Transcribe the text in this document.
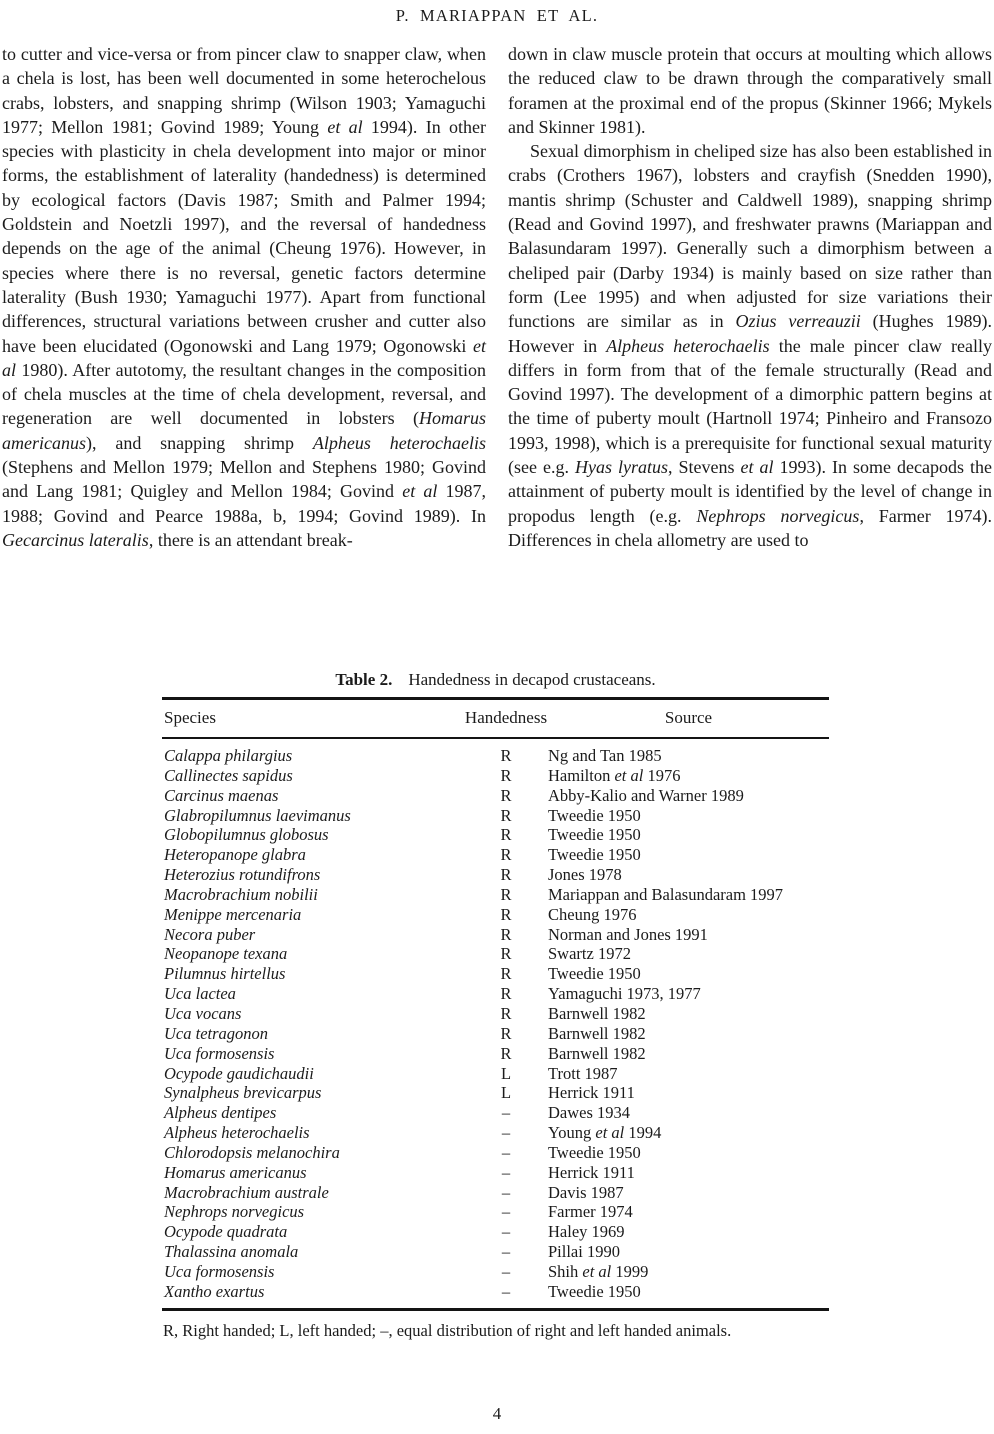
P. MARIAPPAN ET AL.

to cutter and vice-versa or from pincer claw to snapper claw, when a chela is lost, has been well documented in some heterochelous crabs, lobsters, and snapping shrimp (Wilson 1903; Yamaguchi 1977; Mellon 1981; Govind 1989; Young et al 1994). In other species with plasticity in chela development into major or minor forms, the establishment of laterality (handedness) is determined by ecological factors (Davis 1987; Smith and Palmer 1994; Goldstein and Noetzli 1997), and the reversal of handedness depends on the age of the animal (Cheung 1976). However, in species where there is no reversal, genetic factors determine laterality (Bush 1930; Yamaguchi 1977). Apart from functional differences, structural variations between crusher and cutter also have been elucidated (Ogonowski and Lang 1979; Ogonowski et al 1980). After autotomy, the resultant changes in the composition of chela muscles at the time of chela development, reversal, and regeneration are well documented in lobsters (Homarus americanus), and snapping shrimp Alpheus heterochaelis (Stephens and Mellon 1979; Mellon and Stephens 1980; Govind and Lang 1981; Quigley and Mellon 1984; Govind et al 1987, 1988; Govind and Pearce 1988a, b, 1994; Govind 1989). In Gecarcinus lateralis, there is an attendant break-

down in claw muscle protein that occurs at moulting which allows the reduced claw to be drawn through the comparatively small foramen at the proximal end of the propus (Skinner 1966; Mykels and Skinner 1981).

Sexual dimorphism in cheliped size has also been established in crabs (Crothers 1967), lobsters and crayfish (Snedden 1990), mantis shrimp (Schuster and Caldwell 1989), snapping shrimp (Read and Govind 1997), and freshwater prawns (Mariappan and Balasundaram 1997). Generally such a dimorphism between a cheliped pair (Darby 1934) is mainly based on size rather than form (Lee 1995) and when adjusted for size variations their functions are similar as in Ozius verreauzii (Hughes 1989). However in Alpheus heterochaelis the male pincer claw really differs in form from that of the female structurally (Read and Govind 1997). The development of a dimorphic pattern begins at the time of puberty moult (Hartnoll 1974; Pinheiro and Fransozo 1993, 1998), which is a prerequisite for functional sexual maturity (see e.g. Hyas lyratus, Stevens et al 1993). In some decapods the attainment of puberty moult is identified by the level of change in propodus length (e.g. Nephrops norvegicus, Farmer 1974). Differences in chela allometry are used to

Table 2. Handedness in decapod crustaceans.
Species	Handedness	Source
Calappa philargius	R	Ng and Tan 1985
Callinectes sapidus	R	Hamilton et al 1976
Carcinus maenas	R	Abby-Kalio and Warner 1989
Glabropilumnus laevimanus	R	Tweedie 1950
Globopilumnus globosus	R	Tweedie 1950
Heteropanope glabra	R	Tweedie 1950
Heterozius rotundifrons	R	Jones 1978
Macrobrachium nobilii	R	Mariappan and Balasundaram 1997
Menippe mercenaria	R	Cheung 1976
Necora puber	R	Norman and Jones 1991
Neopanope texana	R	Swartz 1972
Pilumnus hirtellus	R	Tweedie 1950
Uca lactea	R	Yamaguchi 1973, 1977
Uca vocans	R	Barnwell 1982
Uca tetragonon	R	Barnwell 1982
Uca formosensis	R	Barnwell 1982
Ocypode gaudichaudii	L	Trott 1987
Synalpheus brevicarpus	L	Herrick 1911
Alpheus dentipes	–	Dawes 1934
Alpheus heterochaelis	–	Young et al 1994
Chlorodopsis melanochira	–	Tweedie 1950
Homarus americanus	–	Herrick 1911
Macrobrachium australe	–	Davis 1987
Nephrops norvegicus	–	Farmer 1974
Ocypode quadrata	–	Haley 1969
Thalassina anomala	–	Pillai 1990
Uca formosensis	–	Shih et al 1999
Xantho exartus	–	Tweedie 1950
R, Right handed; L, left handed; –, equal distribution of right and left handed animals.
4
